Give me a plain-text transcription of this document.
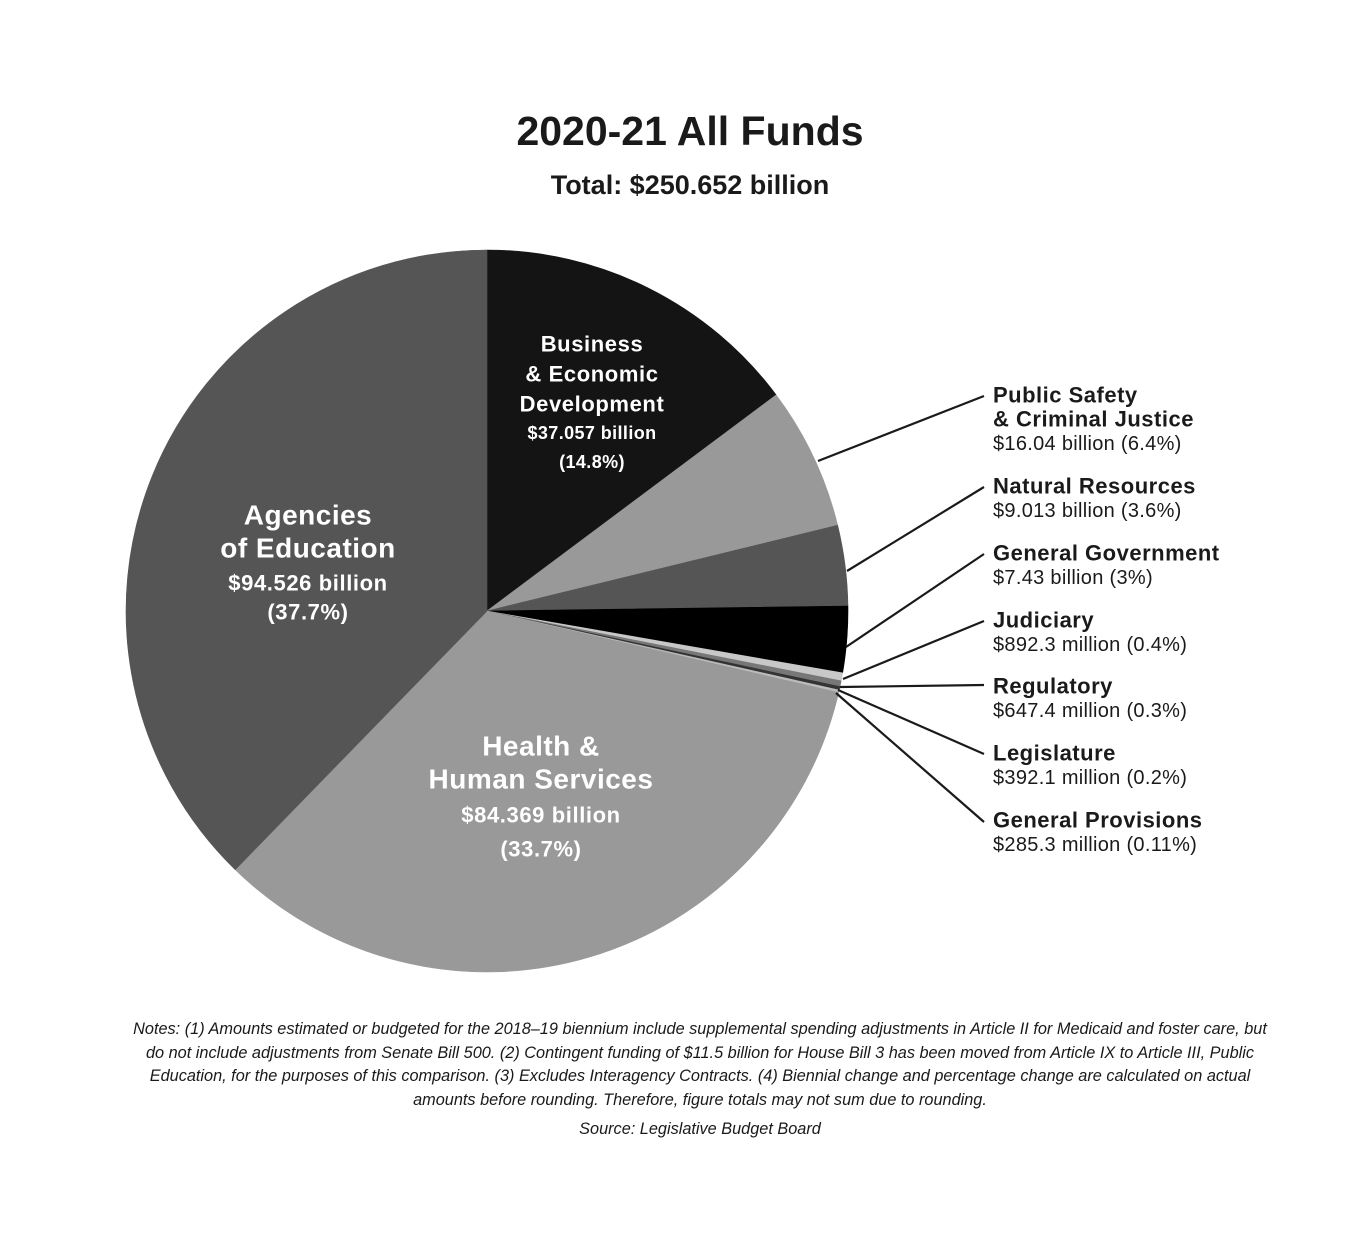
2020-21 All Funds
Total: $250.652 billion
Business
& Economic
Development
$37.057 billion
(14.8%)
Health &
Human Services
$84.369 billion
(33.7%)
Agencies
of Education
$94.526 billion
(37.7%)
Public Safety
& Criminal Justice
$16.04 billion (6.4%)
Natural Resources
$9.013 billion (3.6%)
General Government
$7.43 billion (3%)
Judiciary
$892.3 million (0.4%)
Regulatory
$647.4 million (0.3%)
Legislature
$392.1 million (0.2%)
General Provisions
$285.3 million (0.11%)
Notes: (1) Amounts estimated or budgeted for the 2018–19 biennium include supplemental spending adjustments in Article II for Medicaid and foster care, but do not include adjustments from Senate Bill 500. (2) Contingent funding of $11.5 billion for House Bill 3 has been moved from Article IX to Article III, Public Education, for the purposes of this comparison. (3) Excludes Interagency Contracts. (4) Biennial change and percentage change are calculated on actual amounts before rounding. Therefore, figure totals may not sum due to rounding.
Source: Legislative Budget Board
